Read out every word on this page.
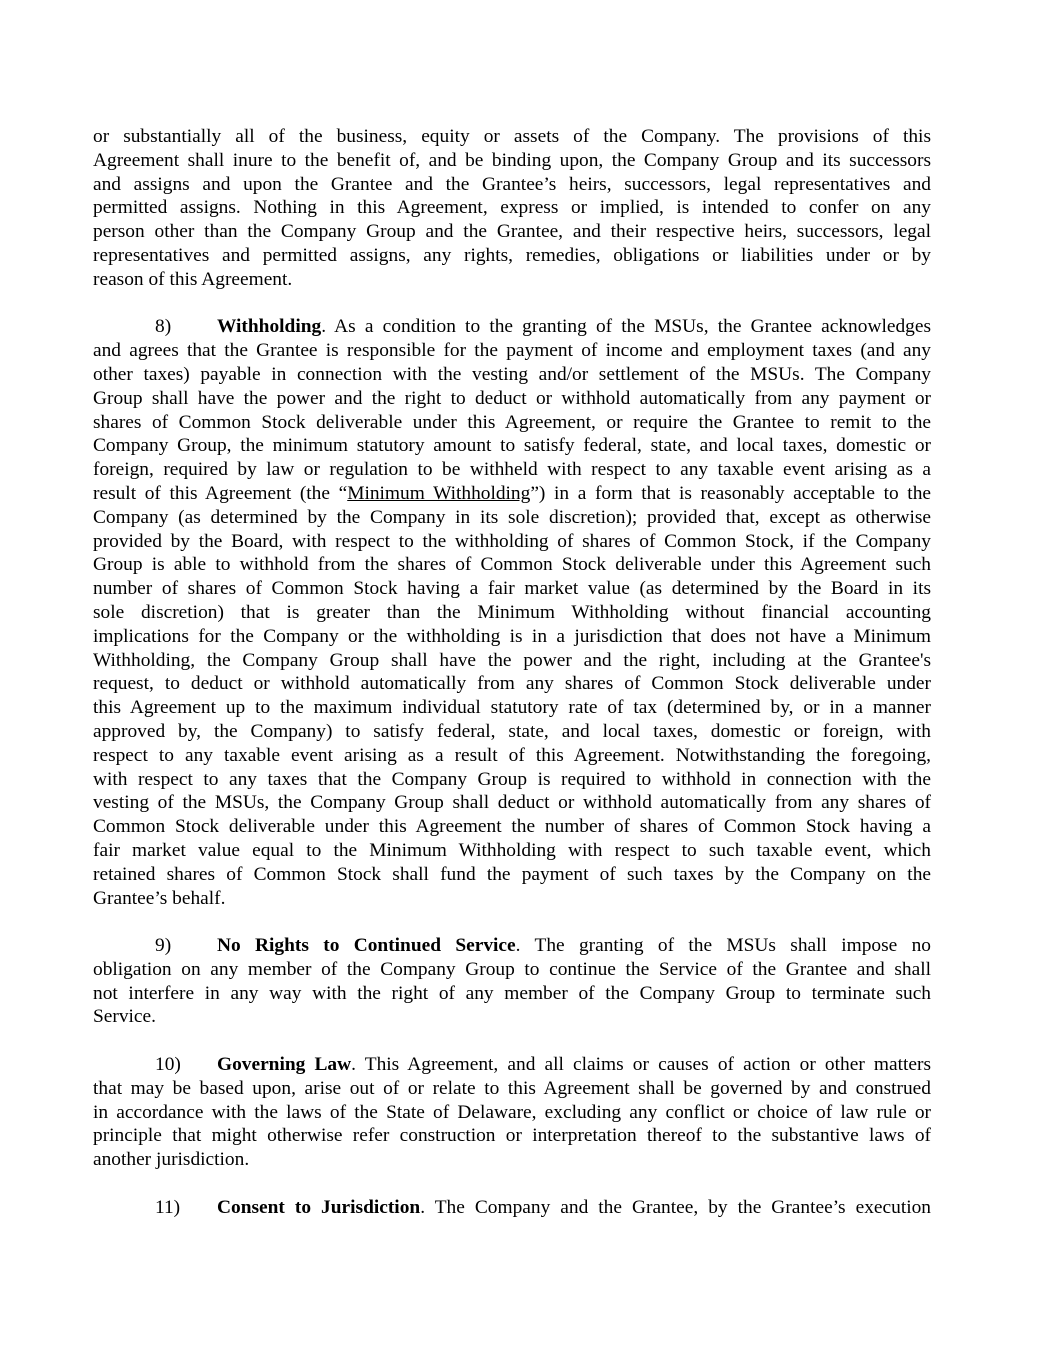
or substantially all of the business, equity or assets of the Company. The provisions of this
Agreement shall inure to the benefit of, and be binding upon, the Company Group and its successors
and assigns and upon the Grantee and the Grantee’s heirs, successors, legal representatives and
permitted assigns. Nothing in this Agreement, express or implied, is intended to confer on any
person other than the Company Group and the Grantee, and their respective heirs, successors, legal
representatives and permitted assigns, any rights, remedies, obligations or liabilities under or by
reason of this Agreement.
8)	Withholding. As a condition to the granting of the MSUs, the Grantee acknowledges
and agrees that the Grantee is responsible for the payment of income and employment taxes (and any
other taxes) payable in connection with the vesting and/or settlement of the MSUs. The Company
Group shall have the power and the right to deduct or withhold automatically from any payment or
shares of Common Stock deliverable under this Agreement, or require the Grantee to remit to the
Company Group, the minimum statutory amount to satisfy federal, state, and local taxes, domestic or
foreign, required by law or regulation to be withheld with respect to any taxable event arising as a
result of this Agreement (the “Minimum Withholding”) in a form that is reasonably acceptable to the
Company (as determined by the Company in its sole discretion); provided that, except as otherwise
provided by the Board, with respect to the withholding of shares of Common Stock, if the Company
Group is able to withhold from the shares of Common Stock deliverable under this Agreement such
number of shares of Common Stock having a fair market value (as determined by the Board in its
sole discretion) that is greater than the Minimum Withholding without financial accounting
implications for the Company or the withholding is in a jurisdiction that does not have a Minimum
Withholding, the Company Group shall have the power and the right, including at the Grantee's
request, to deduct or withhold automatically from any shares of Common Stock deliverable under
this Agreement up to the maximum individual statutory rate of tax (determined by, or in a manner
approved by, the Company) to satisfy federal, state, and local taxes, domestic or foreign, with
respect to any taxable event arising as a result of this Agreement. Notwithstanding the foregoing,
with respect to any taxes that the Company Group is required to withhold in connection with the
vesting of the MSUs, the Company Group shall deduct or withhold automatically from any shares of
Common Stock deliverable under this Agreement the number of shares of Common Stock having a
fair market value equal to the Minimum Withholding with respect to such taxable event, which
retained shares of Common Stock shall fund the payment of such taxes by the Company on the
Grantee’s behalf.
9)	No Rights to Continued Service. The granting of the MSUs shall impose no
obligation on any member of the Company Group to continue the Service of the Grantee and shall
not interfere in any way with the right of any member of the Company Group to terminate such
Service.
10)	Governing Law. This Agreement, and all claims or causes of action or other matters
that may be based upon, arise out of or relate to this Agreement shall be governed by and construed
in accordance with the laws of the State of Delaware, excluding any conflict or choice of law rule or
principle that might otherwise refer construction or interpretation thereof to the substantive laws of
another jurisdiction.
11)	Consent to Jurisdiction. The Company and the Grantee, by the Grantee’s execution
